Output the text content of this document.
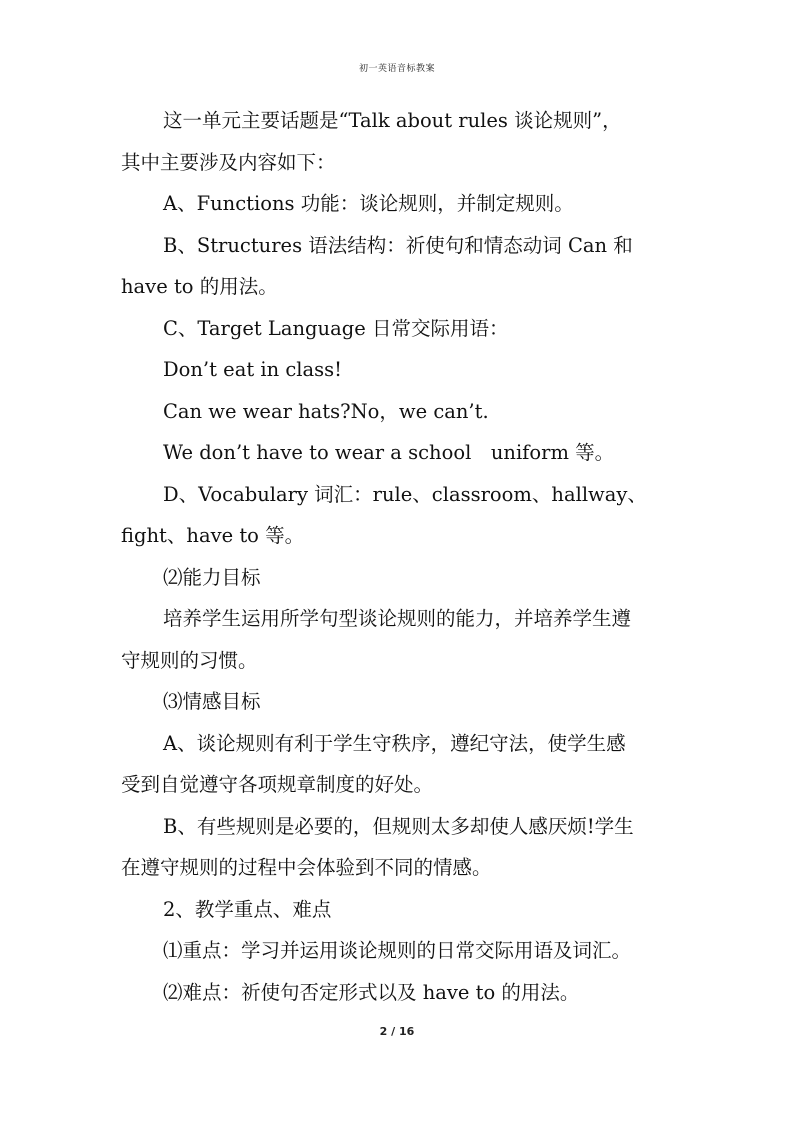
初一英语音标教案
这一单元主要话题是“Talk about rules 谈论规则”，
其中主要涉及内容如下：
A、Functions 功能：谈论规则，并制定规则。
B、Structures 语法结构：祈使句和情态动词 Can 和
have to 的用法。
C、Target Language 日常交际用语：
Don’t eat in class!
Can we wear hats?No，we can’t.
We don’t have to wear a school　uniform 等。
D、Vocabulary 词汇：rule、classroom、hallway、
fight、have to 等。
⑵能力目标
培养学生运用所学句型谈论规则的能力，并培养学生遵
守规则的习惯。
⑶情感目标
A、谈论规则有利于学生守秩序，遵纪守法，使学生感
受到自觉遵守各项规章制度的好处。
B、有些规则是必要的，但规则太多却使人感厌烦!学生
在遵守规则的过程中会体验到不同的情感。
2、教学重点、难点
⑴重点：学习并运用谈论规则的日常交际用语及词汇。
⑵难点：祈使句否定形式以及 have to 的用法。
2 / 16
